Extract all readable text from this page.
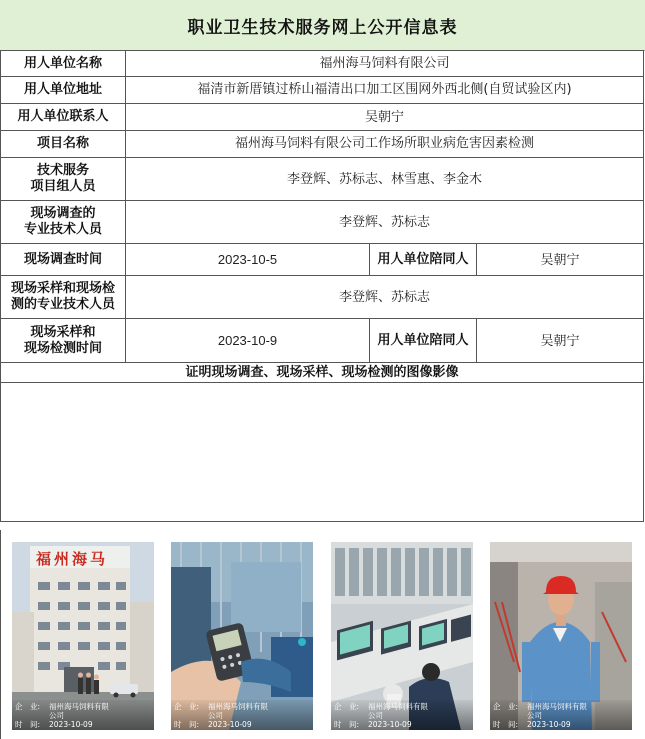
职业卫生技术服务网上公开信息表
用人单位名称	福州海马饲料有限公司		
用人单位地址	福清市新厝镇过桥山福清出口加工区围网外西北侧(自贸试验区内)		
用人单位联系人	吴朝宁		
项目名称	福州海马饲料有限公司工作场所职业病危害因素检测		

技术服务
项目组人员	李登辉、苏标志、林雪惠、李金木		

现场调查的
专业技术人员	李登辉、苏标志		
现场调查时间	2023-10-5	用人单位陪同人	吴朝宁

现场采样和现场检
测的专业技术人员	李登辉、苏标志		

现场采样和
现场检测时间	2023-10-9	用人单位陪同人	吴朝宁
证明现场调查、现场采样、现场检测的图像影像			

福州海马
企　业:	福州海马饲料有限
公司
时　间:	2023-10-09
企　业:	福州海马饲料有限
公司
时　间:	2023-10-09
企　业:	福州海马饲料有限
公司
时　间:	2023-10-09
企　业:	福州海马饲料有限
公司
时　间:	2023-10-09
